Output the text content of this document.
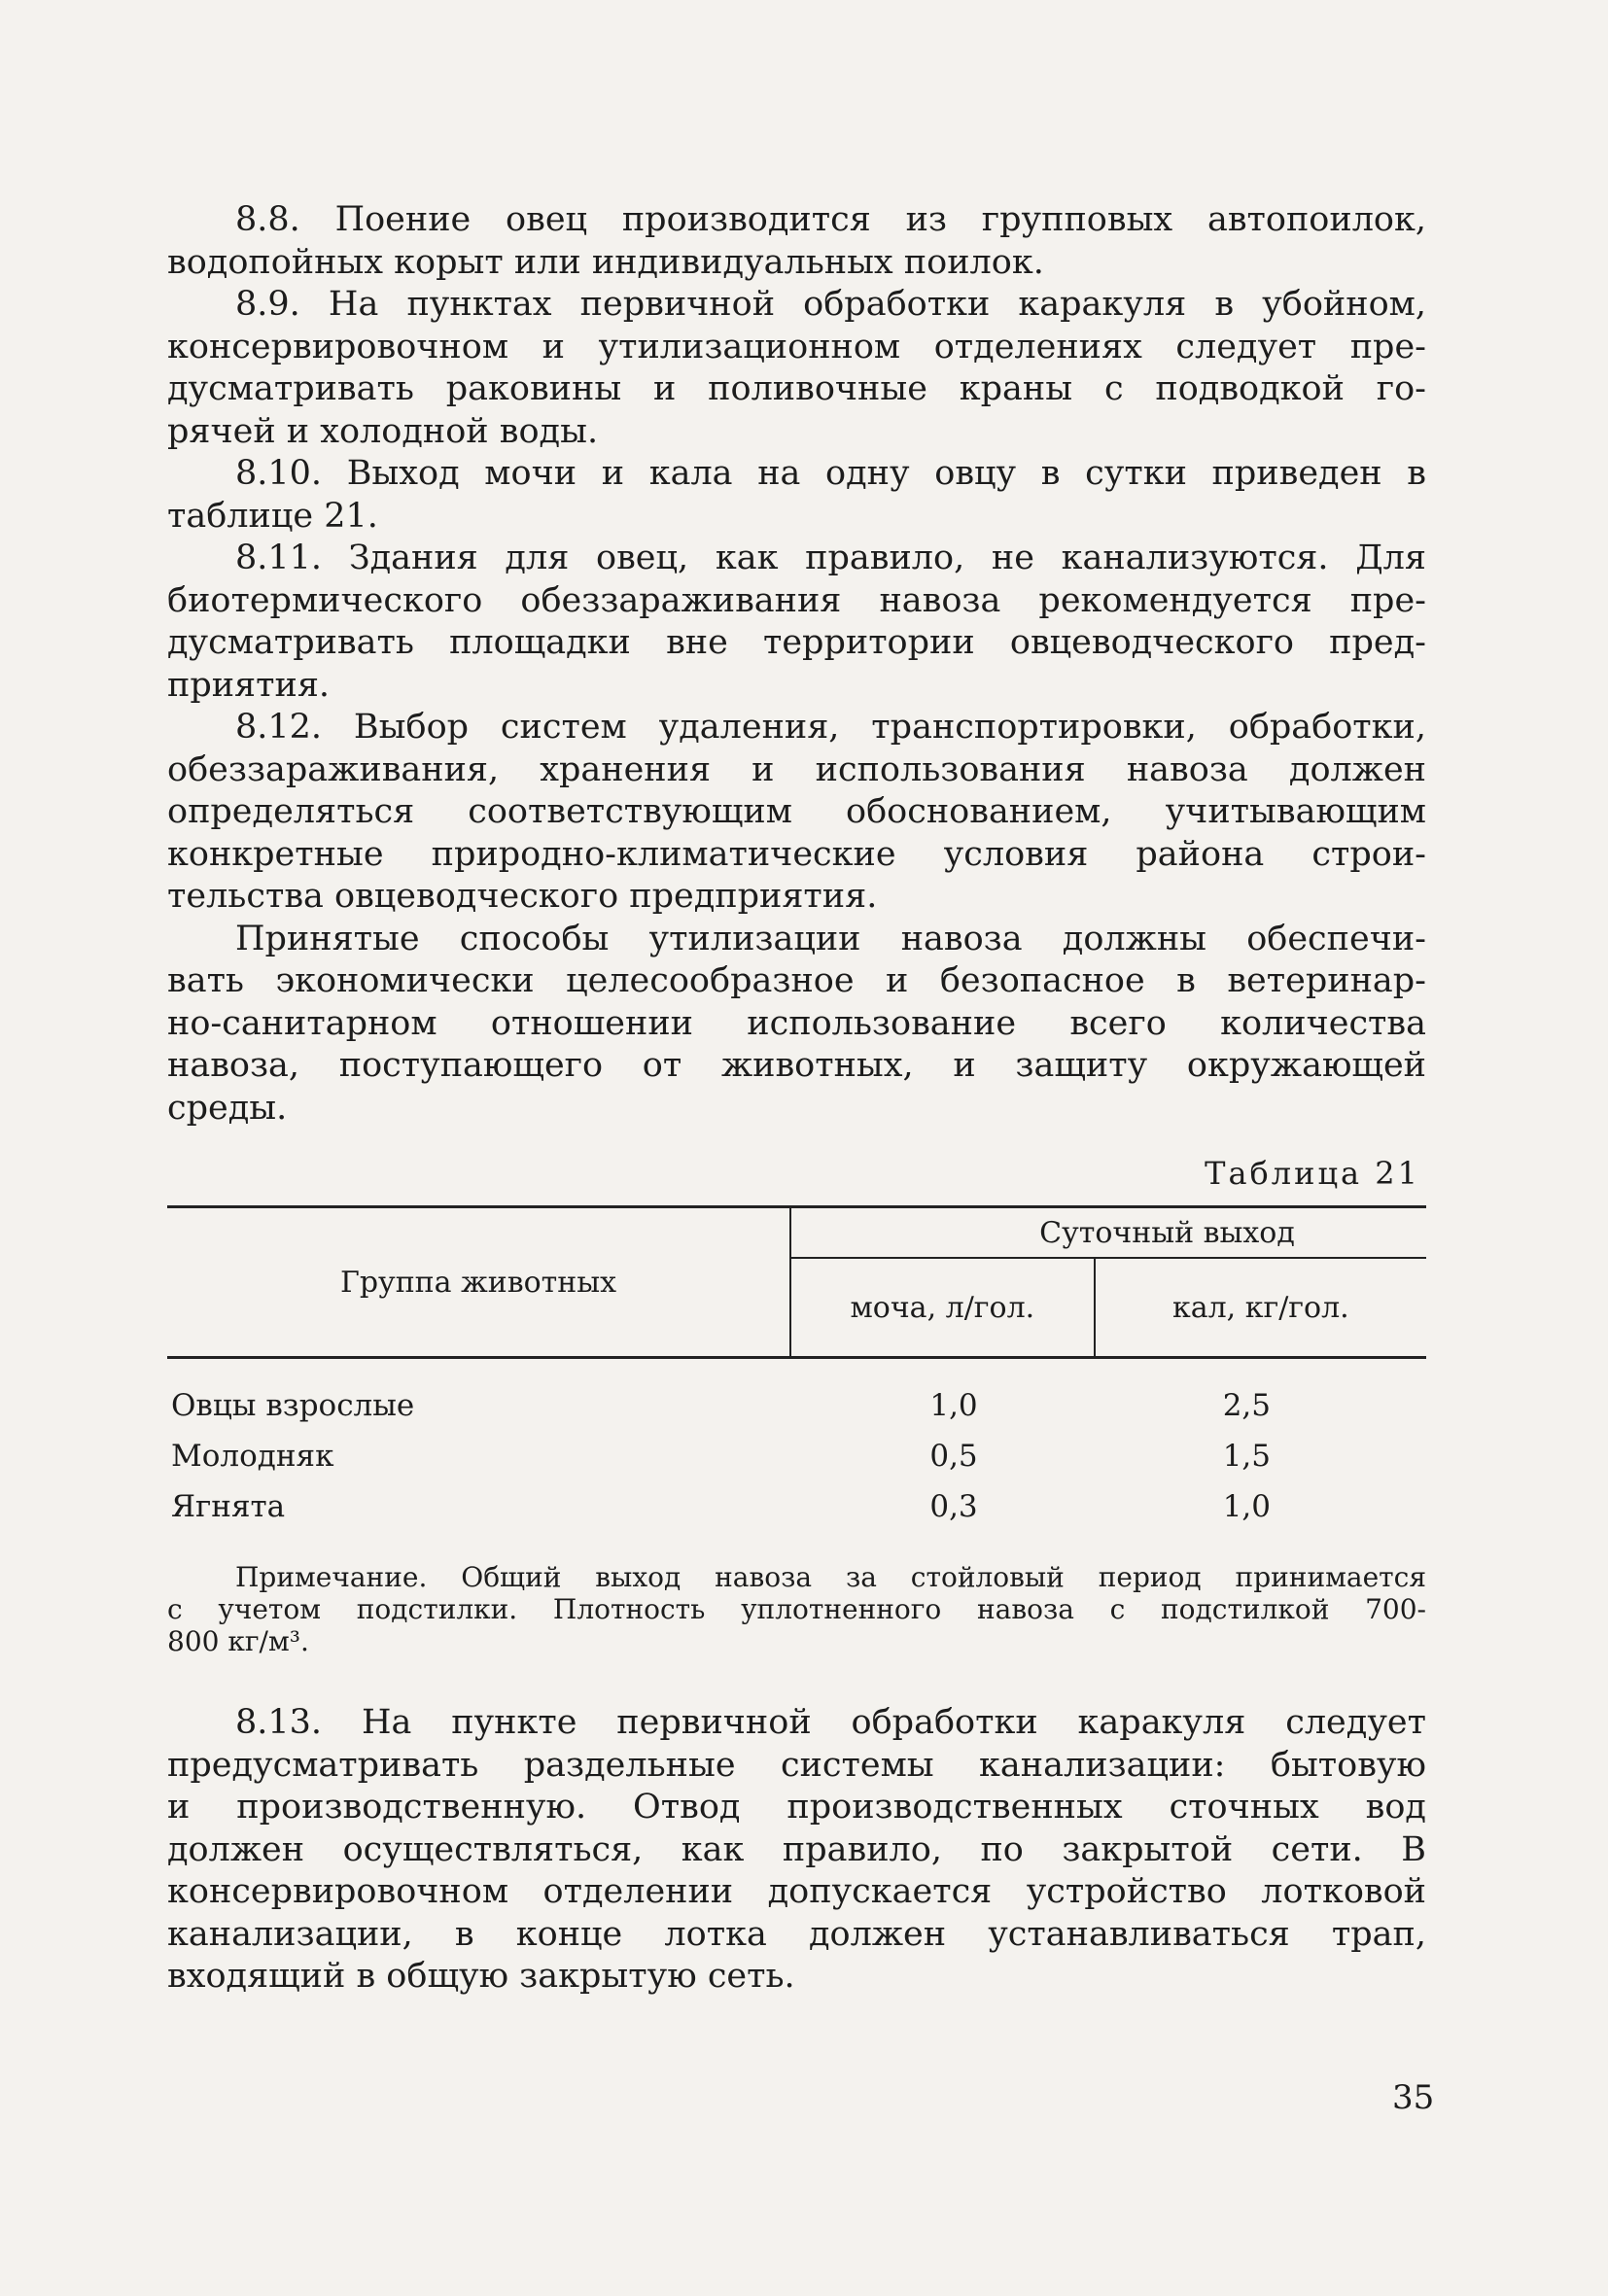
8.8. Поение овец производится из групповых автопоилок,
водопойных корыт или индивидуальных поилок.

8.9. На пунктах первичной обработки каракуля в убойном,
консервировочном и утилизационном отделениях следует пре-
дусматривать раковины и поливочные краны с подводкой го-
рячей и холодной воды.

8.10. Выход мочи и кала на одну овцу в сутки приведен в
таблице 21.

8.11. Здания для овец, как правило, не канализуются. Для
биотермического обеззараживания навоза рекомендуется пре-
дусматривать площадки вне территории овцеводческого пред-
приятия.

8.12. Выбор систем удаления, транспортировки, обработки,
обеззараживания, хранения и использования навоза должен
определяться соответствующим обоснованием, учитывающим
конкретные природно-климатические условия района строи-
тельства овцеводческого предприятия.

Принятые способы утилизации навоза должны обеспечи-
вать экономически целесообразное и безопасное в ветеринар-
но-санитарном отношении использование всего количества
навоза, поступающего от животных, и защиту окружающей
среды.

Таблица 21
Группа животных	Суточный выход	
	моча, л/гол.	кал, кг/гол.
Овцы взрослые	1,0	2,5
Молодняк	0,5	1,5
Ягнята	0,3	1,0
Примечание. Общий выход навоза за стойловый период принимается
с учетом подстилки. Плотность уплотненного навоза с подстилкой 700-
800 кг/м³.

8.13. На пункте первичной обработки каракуля следует
предусматривать раздельные системы канализации: бытовую
и производственную. Отвод производственных сточных вод
должен осуществляться, как правило, по закрытой сети. В
консервировочном отделении допускается устройство лотковой
канализации, в конце лотка должен устанавливаться трап,
входящий в общую закрытую сеть.

35
